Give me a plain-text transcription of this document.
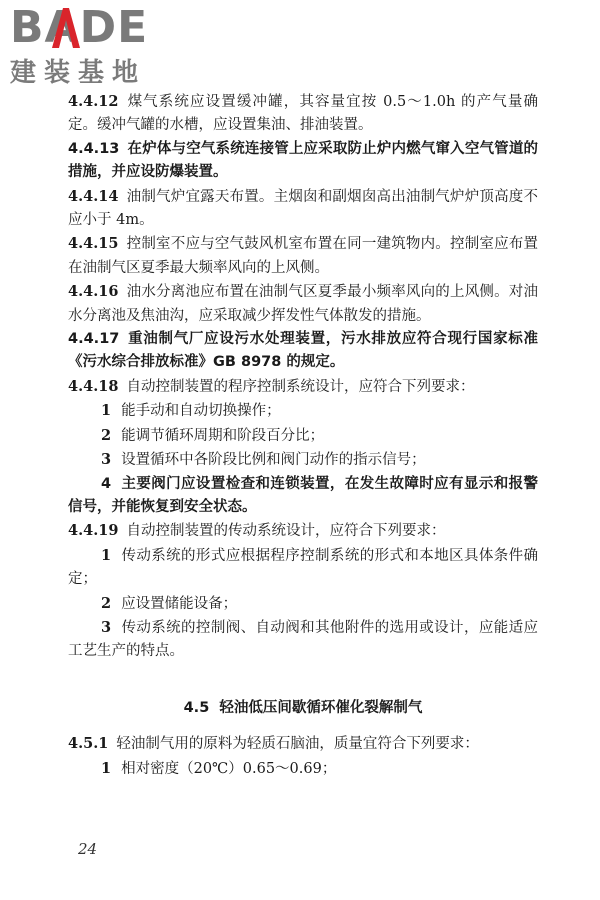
BADE
建装基地

4.4.12 煤气系统应设置缓冲罐，其容量宜按 0.5～1.0h 的产气量确定。缓冲气罐的水槽，应设置集油、排油装置。

4.4.13 在炉体与空气系统连接管上应采取防止炉内燃气窜入空气管道的措施，并应设防爆装置。

4.4.14 油制气炉宜露天布置。主烟囱和副烟囱高出油制气炉炉顶高度不应小于 4m。

4.4.15 控制室不应与空气鼓风机室布置在同一建筑物内。控制室应布置在油制气区夏季最大频率风向的上风侧。

4.4.16 油水分离池应布置在油制气区夏季最小频率风向的上风侧。对油水分离池及焦油沟，应采取减少挥发性气体散发的措施。

4.4.17 重油制气厂应设污水处理装置，污水排放应符合现行国家标准《污水综合排放标准》GB 8978 的规定。

4.4.18 自动控制装置的程序控制系统设计，应符合下列要求：

1 能手动和自动切换操作；

2 能调节循环周期和阶段百分比；

3 设置循环中各阶段比例和阀门动作的指示信号；

4 主要阀门应设置检查和连锁装置，在发生故障时应有显示和报警信号，并能恢复到安全状态。

4.4.19 自动控制装置的传动系统设计，应符合下列要求：

1 传动系统的形式应根据程序控制系统的形式和本地区具体条件确定；

2 应设置储能设备；

3 传动系统的控制阀、自动阀和其他附件的选用或设计，应能适应工艺生产的特点。

4.5 轻油低压间歇循环催化裂解制气

4.5.1 轻油制气用的原料为轻质石脑油，质量宜符合下列要求：

1 相对密度（20℃）0.65～0.69；

24
